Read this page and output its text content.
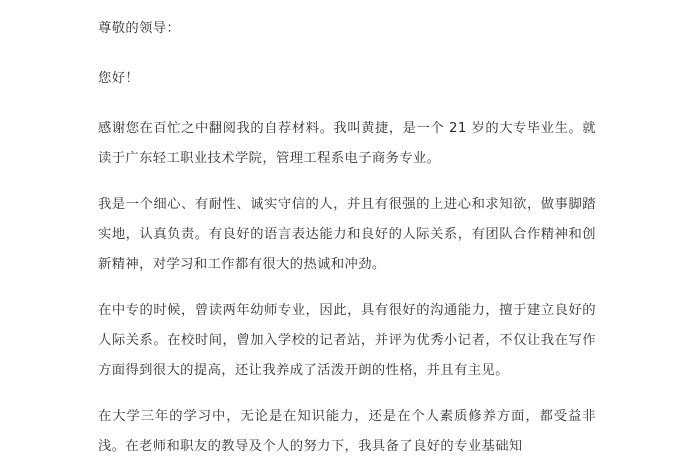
尊敬的领导：

您好！

感谢您在百忙之中翻阅我的自荐材料。我叫黄捷，是一个 21 岁的大专毕业生。就读于广东轻工职业技术学院，管理工程系电子商务专业。

我是一个细心、有耐性、诚实守信的人，并且有很强的上进心和求知欲，做事脚踏实地，认真负责。有良好的语言表达能力和良好的人际关系，有团队合作精神和创新精神，对学习和工作都有很大的热诚和冲劲。

在中专的时候，曾读两年幼师专业，因此，具有很好的沟通能力，擅于建立良好的人际关系。在校时间，曾加入学校的记者站，并评为优秀小记者，不仅让我在写作方面得到很大的提高，还让我养成了活泼开朗的性格，并且有主见。

在大学三年的学习中，无论是在知识能力，还是在个人素质修养方面，都受益非浅。在老师和职友的教导及个人的努力下，我具备了良好的专业基础知
